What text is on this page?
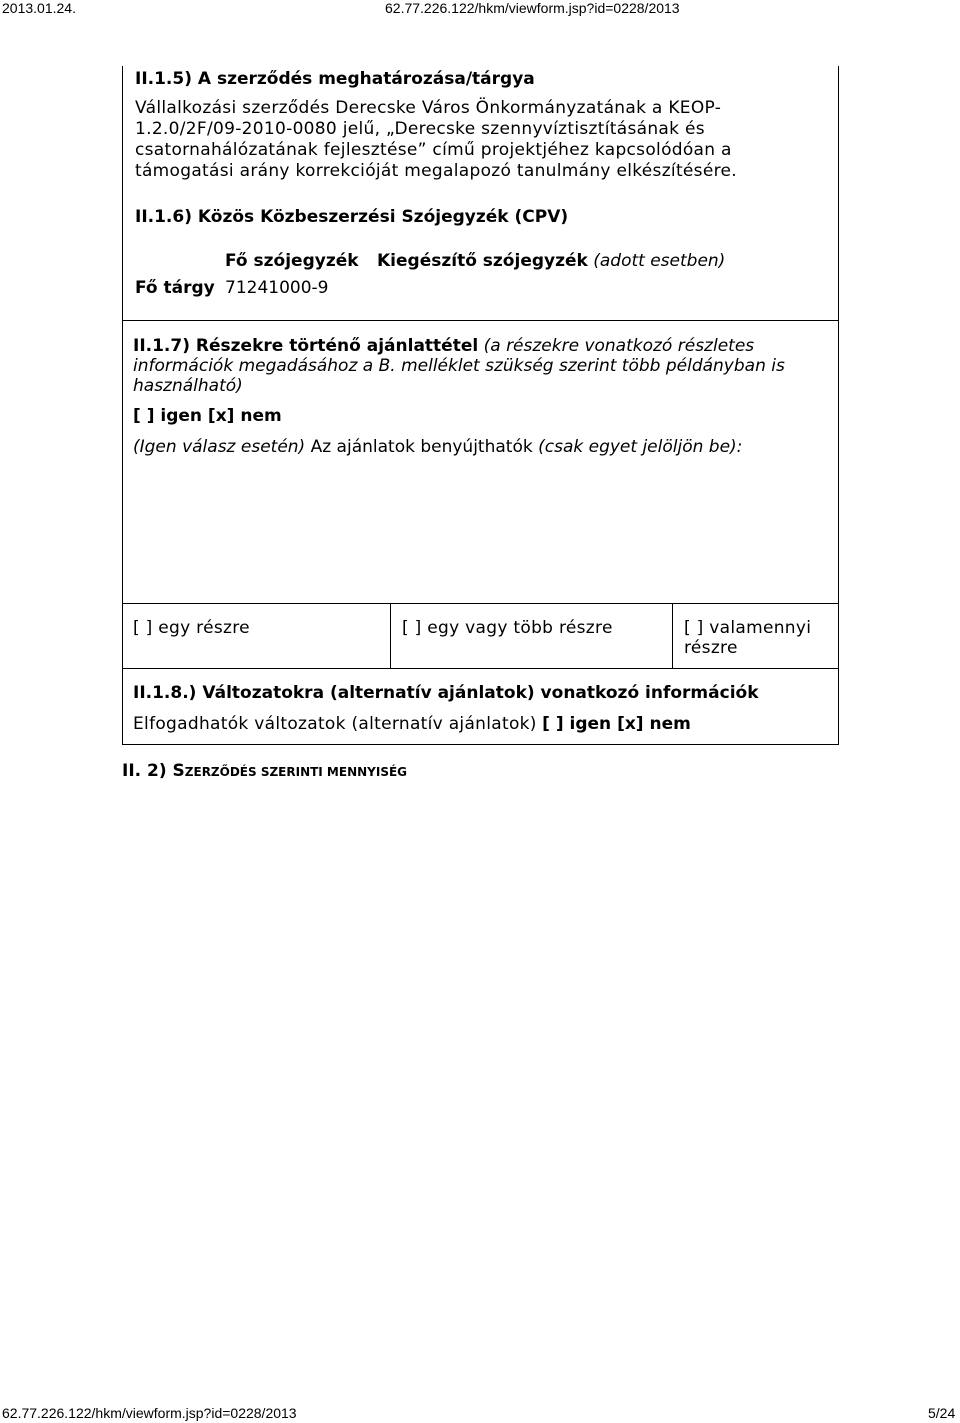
2013.01.24.	62.77.226.122/hkm/viewform.jsp?id=0228/2013
II.1.5) A szerződés meghatározása/tárgya
Vállalkozási szerződés Derecske Város Önkormányzatának a KEOP-
1.2.0/2F/09-2010-0080 jelű, „Derecske szennyvíztisztításának és
csatornahálózatának fejlesztése” című projektjéhez kapcsolódóan a
támogatási arány korrekcióját megalapozó tanulmány elkészítésére.
II.1.6) Közös Közbeszerzési Szójegyzék (CPV)
Fő szójegyzék Kiegészítő szójegyzék (adott esetben)
Fő tárgy 71241000-9
II.1.7) Részekre történő ajánlattétel (a részekre vonatkozó részletes
információk megadásához a B. melléklet szükség szerint több példányban is
használható)
[ ] igen [x] nem
(Igen válasz esetén) Az ajánlatok benyújthatók (csak egyet jelöljön be):
[ ] egy részre	[ ] egy vagy több részre	[ ] valamennyi
részre
II.1.8.) Változatokra (alternatív ajánlatok) vonatkozó információk
Elfogadhatók változatok (alternatív ajánlatok) [ ] igen [x] nem
II. 2) SZERZŐDÉS SZERINTI MENNYISÉG
62.77.226.122/hkm/viewform.jsp?id=0228/2013	5/24
